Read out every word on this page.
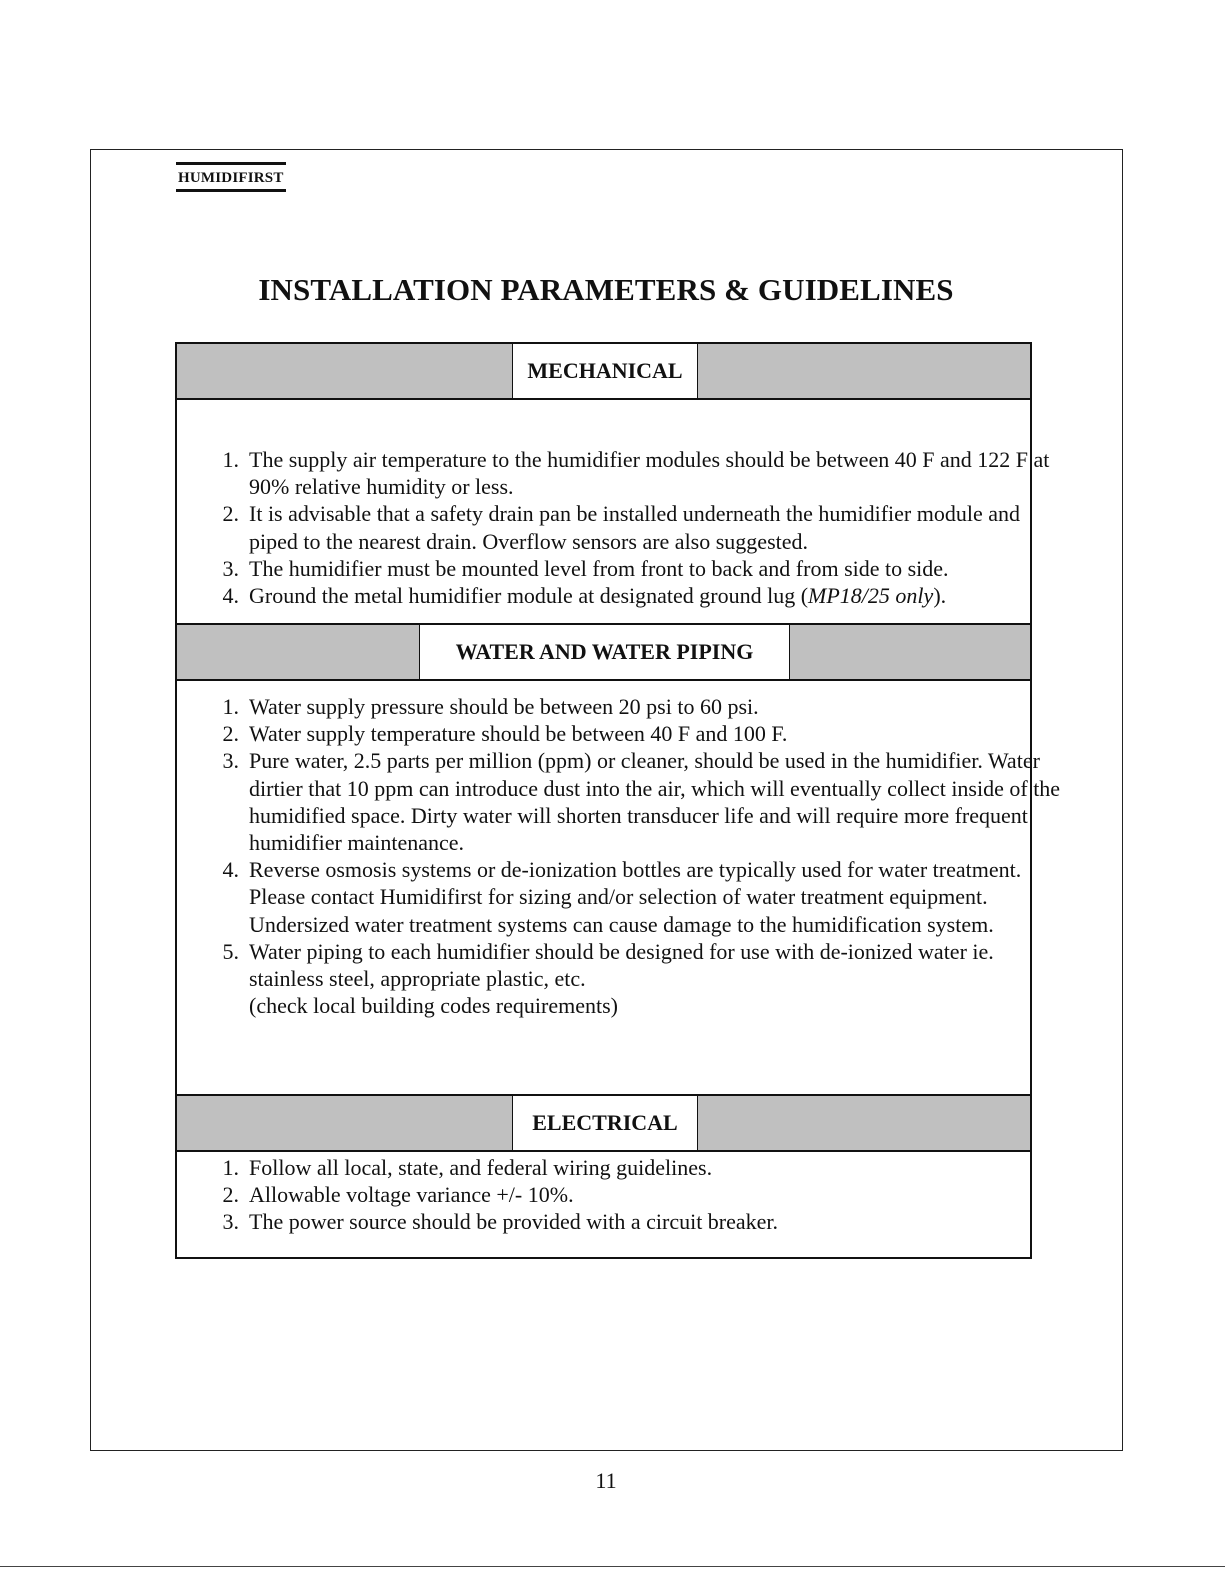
HUMIDIFIRST
INSTALLATION PARAMETERS & GUIDELINES
MECHANICAL
1. The supply air temperature to the humidifier modules should be between 40 F and 122 F at 90% relative humidity or less.
2. It is advisable that a safety drain pan be installed underneath the humidifier module and piped to the nearest drain. Overflow sensors are also suggested.
3. The humidifier must be mounted level from front to back and from side to side.
4. Ground the metal humidifier module at designated ground lug (MP18/25 only).
WATER AND WATER PIPING
1. Water supply pressure should be between 20 psi to 60 psi.
2. Water supply temperature should be between 40 F and 100 F.
3. Pure water, 2.5 parts per million (ppm) or cleaner, should be used in the humidifier. Water dirtier that 10 ppm can introduce dust into the air, which will eventually collect inside of the humidified space. Dirty water will shorten transducer life and will require more frequent humidifier maintenance.
4. Reverse osmosis systems or de-ionization bottles are typically used for water treatment. Please contact Humidifirst for sizing and/or selection of water treatment equipment. Undersized water treatment systems can cause damage to the humidification system.
5. Water piping to each humidifier should be designed for use with de-ionized water ie. stainless steel, appropriate plastic, etc.
(check local building codes requirements)
ELECTRICAL
1. Follow all local, state, and federal wiring guidelines.
2. Allowable voltage variance +/- 10%.
3. The power source should be provided with a circuit breaker.
11
